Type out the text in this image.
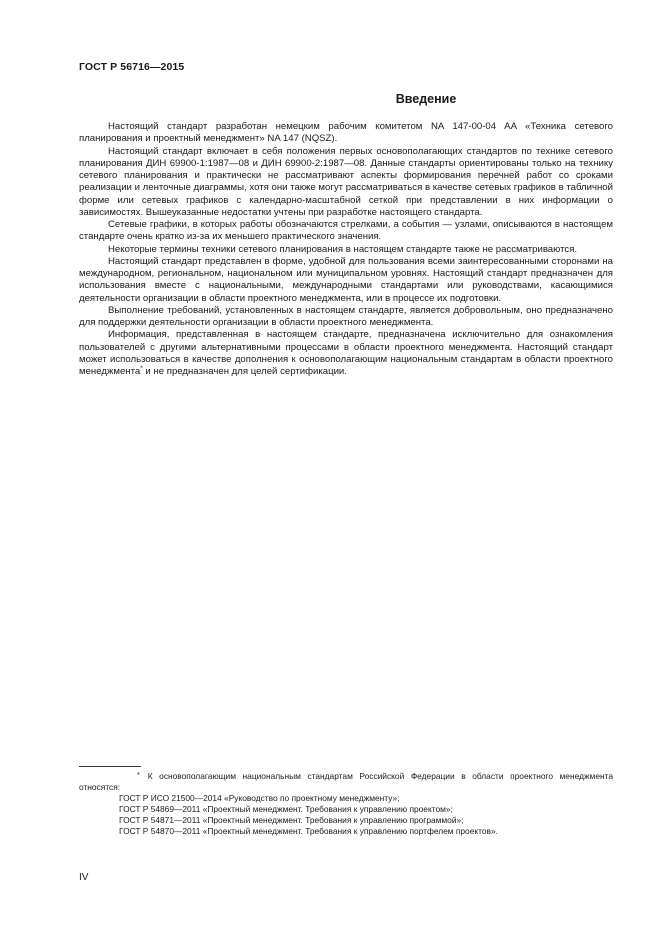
ГОСТ Р 56716—2015
Введение

Настоящий стандарт разработан немецким рабочим комитетом NA 147-00-04 AA «Техника сетевого планирования и проектный менеджмент» NA 147 (NQSZ).

Настоящий стандарт включает в себя положения первых основополагающих стандартов по технике сетевого планирования ДИН 69900-1:1987—08 и ДИН 69900-2:1987—08. Данные стандарты ориентированы только на технику сетевого планирования и практически не рассматривают аспекты формирования перечней работ со сроками реализации и ленточные диаграммы, хотя они также могут рассматриваться в качестве сетевых графиков в табличной форме или сетевых графиков с календарно-масштабной сеткой при представлении в них информации о зависимостях. Вышеуказанные недостатки учтены при разработке настоящего стандарта.

Сетевые графики, в которых работы обозначаются стрелками, а события — узлами, описываются в настоящем стандарте очень кратко из-за их меньшего практического значения.

Некоторые термины техники сетевого планирования в настоящем стандарте также не рассматриваются.

Настоящий стандарт представлен в форме, удобной для пользования всеми заинтересованными сторонами на международном, региональном, национальном или муниципальном уровнях. Настоящий стандарт предназначен для использования вместе с национальными, международными стандартами или руководствами, касающимися деятельности организации в области проектного менеджмента, или в процессе их подготовки.

Выполнение требований, установленных в настоящем стандарте, является добровольным, оно предназначено для поддержки деятельности организации в области проектного менеджмента.

Информация, представленная в настоящем стандарте, предназначена исключительно для ознакомления пользователей с другими альтернативными процессами в области проектного менеджмента. Настоящий стандарт может использоваться в качестве дополнения к основополагающим национальным стандартам в области проектного менеджмента* и не предназначен для целей сертификации.

* К основополагающим национальным стандартам Российской Федерации в области проектного менеджмента относятся:

ГОСТ Р ИСО 21500—2014 «Руководство по проектному менеджменту»;

ГОСТ Р 54869—2011 «Проектный менеджмент. Требования к управлению проектом»;

ГОСТ Р 54871—2011 «Проектный менеджмент. Требования к управлению программой»;

ГОСТ Р 54870—2011 «Проектный менеджмент. Требования к управлению портфелем проектов».

IV
